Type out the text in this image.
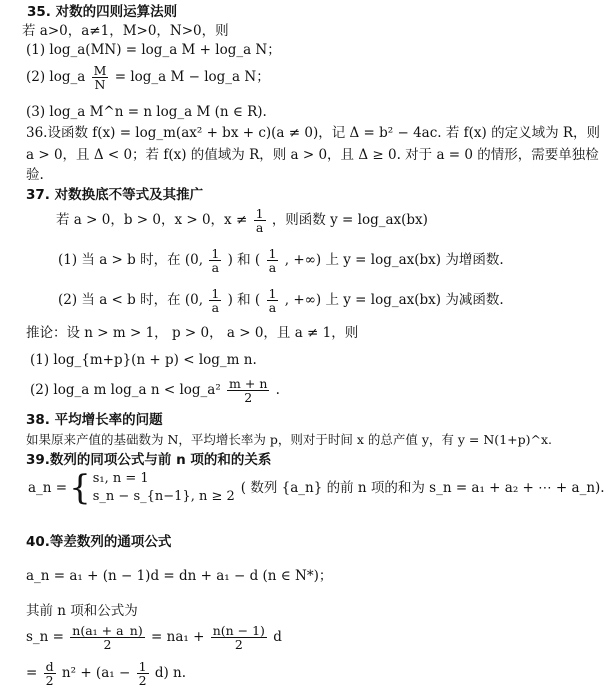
35. 对数的四则运算法则
若 a>0，a≠1，M>0，N>0，则
(1) log_a(MN) = log_a M + log_a N；
(2) log_a $\frac{M}{N}$ = log_a M − log_a N；
(3) log_a M^n = n log_a M (n ∈ R).
36.设函数 f(x) = log_m(ax² + bx + c)(a ≠ 0)，记 Δ = b² − 4ac. 若 f(x) 的定义域为 R，则
a > 0，且 Δ < 0；若 f(x) 的值域为 R，则 a > 0，且 Δ ≥ 0. 对于 a = 0 的情形，需要单独检
验.
37. 对数换底不等式及其推广
若 a > 0，b > 0，x > 0，$x \ne \frac{1}{a}$ ，则函数 y = log_ax(bx)
(1) 当 a > b 时，在 (0, $\frac{1}{a}$ ) 和 ( $\frac{1}{a}$ , +∞) 上 y = log_ax(bx) 为增函数.
(2) 当 a < b 时，在 (0, $\frac{1}{a}$ ) 和 ( $\frac{1}{a}$ , +∞) 上 y = log_ax(bx) 为减函数.
推论：设 n > m > 1， p > 0， a > 0，且 a ≠ 1，则
(1) log_{m+p}(n + p) < log_m n.
(2) log_a m log_a n < log_a² $\frac{m + n}{2}$ .
38. 平均增长率的问题
如果原来产值的基础数为 N，平均增长率为 p，则对于时间 x 的总产值 y，有 y = N(1+p)^x.
39.数列的同项公式与前 n 项的和的关系
a_n = { s₁, n = 1
s_n − s_{n−1}, n ≥ 2
( 数列 {a_n} 的前 n 项的和为 s_n = a₁ + a₂ + ⋯ + a_n).
40.等差数列的通项公式
a_n = a₁ + (n − 1)d = dn + a₁ − d (n ∈ N*)；
其前 n 项和公式为
s_n = $\frac{\text{n(a₁ + a\_n)}}{2} = na_1 + \frac{n(n - 1)}{2}$ d
= $\frac{d}{2} n^2 + (a_1 - \frac{1}{2} d)$ n.
